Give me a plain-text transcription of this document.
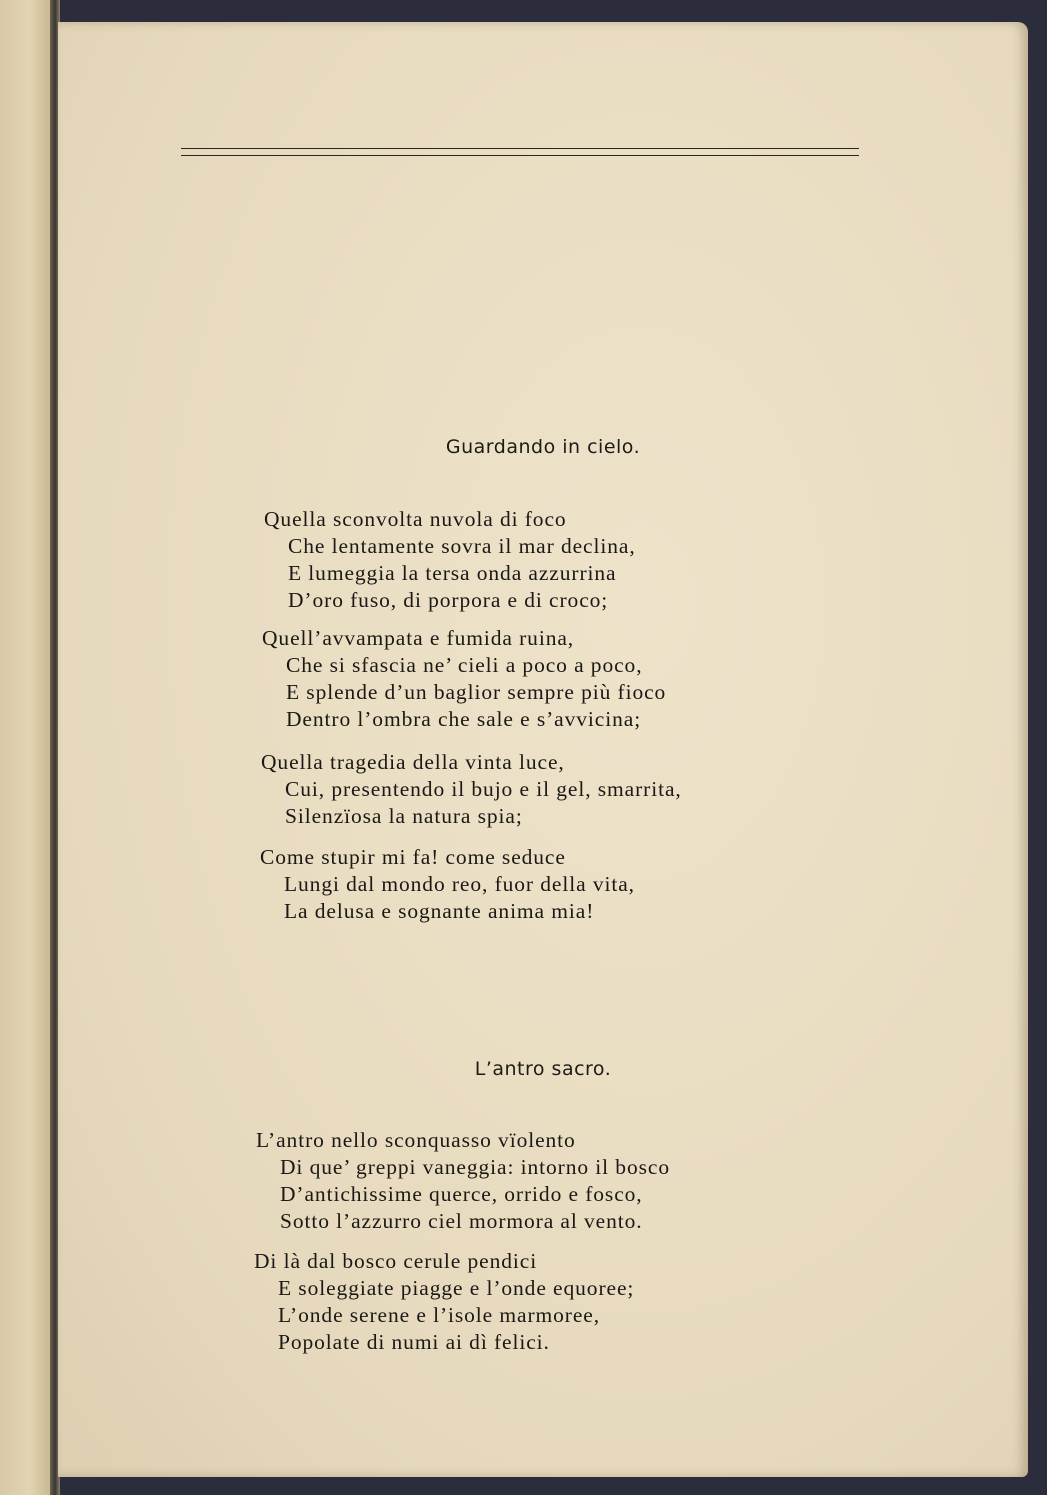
Guardando in cielo.
Quella sconvolta nuvola di foco
Che lentamente sovra il mar declina,
E lumeggia la tersa onda azzurrina
D’oro fuso, di porpora e di croco;
Quell’avvampata e fumida ruina,
Che si sfascia ne’ cieli a poco a poco,
E splende d’un baglior sempre più fioco
Dentro l’ombra che sale e s’avvicina;
Quella tragedia della vinta luce,
Cui, presentendo il bujo e il gel, smarrita,
Silenzïosa la natura spia;
Come stupir mi fa! come seduce
Lungi dal mondo reo, fuor della vita,
La delusa e sognante anima mia!
L’antro sacro.
L’antro nello sconquasso vïolento
Di que’ greppi vaneggia: intorno il bosco
D’antichissime querce, orrido e fosco,
Sotto l’azzurro ciel mormora al vento.
Di là dal bosco cerule pendici
E soleggiate piagge e l’onde equoree;
L’onde serene e l’isole marmoree,
Popolate di numi ai dì felici.
